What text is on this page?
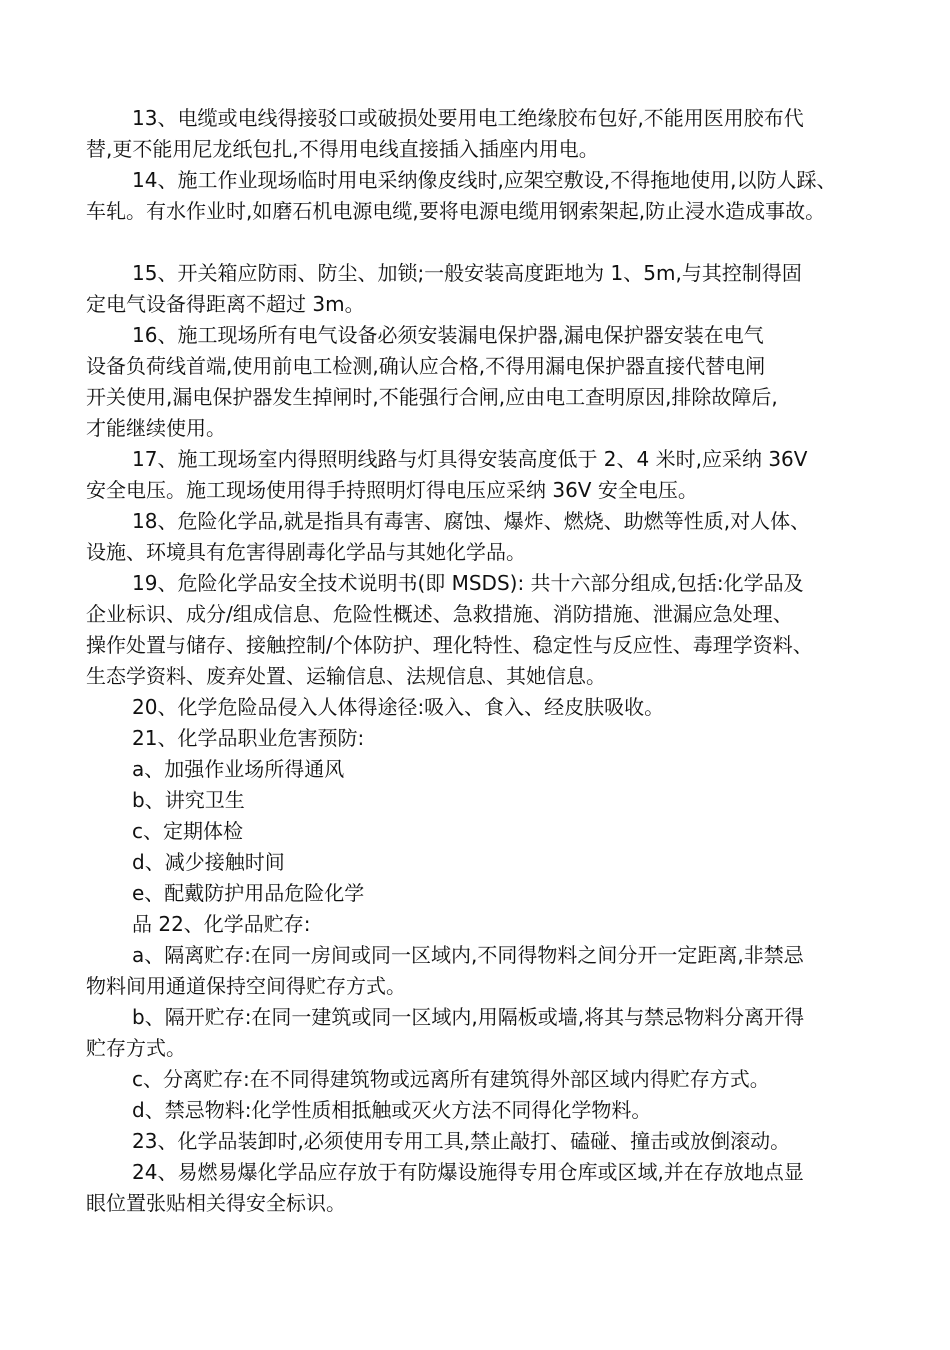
13、电缆或电线得接驳口或破损处要用电工绝缘胶布包好,不能用医用胶布代
替,更不能用尼龙纸包扎,不得用电线直接插入插座内用电。
14、施工作业现场临时用电采纳像皮线时,应架空敷设,不得拖地使用,以防人踩、
车轧。有水作业时,如磨石机电源电缆,要将电源电缆用钢索架起,防止浸水造成事故。
15、开关箱应防雨、防尘、加锁;一般安装高度距地为 1、5m,与其控制得固
定电气设备得距离不超过 3m。
16、施工现场所有电气设备必须安装漏电保护器,漏电保护器安装在电气
设备负荷线首端,使用前电工检测,确认应合格,不得用漏电保护器直接代替电闸
开关使用,漏电保护器发生掉闸时,不能强行合闸,应由电工查明原因,排除故障后,
才能继续使用。
17、施工现场室内得照明线路与灯具得安装高度低于 2、4 米时,应采纳 36V
安全电压。施工现场使用得手持照明灯得电压应采纳 36V 安全电压。
18、危险化学品,就是指具有毒害、腐蚀、爆炸、燃烧、助燃等性质,对人体、
设施、环境具有危害得剧毒化学品与其她化学品。
19、危险化学品安全技术说明书(即 MSDS): 共十六部分组成,包括:化学品及
企业标识、成分/组成信息、危险性概述、急救措施、消防措施、泄漏应急处理、
操作处置与储存、接触控制/个体防护、理化特性、稳定性与反应性、毒理学资料、
生态学资料、废弃处置、运输信息、法规信息、其她信息。
20、化学危险品侵入人体得途径:吸入、食入、经皮肤吸收。
21、化学品职业危害预防:
a、加强作业场所得通风
b、讲究卫生
c、定期体检
d、减少接触时间
e、配戴防护用品危险化学
品 22、化学品贮存:
a、隔离贮存:在同一房间或同一区域内,不同得物料之间分开一定距离,非禁忌
物料间用通道保持空间得贮存方式。
b、隔开贮存:在同一建筑或同一区域内,用隔板或墙,将其与禁忌物料分离开得
贮存方式。
c、分离贮存:在不同得建筑物或远离所有建筑得外部区域内得贮存方式。
d、禁忌物料:化学性质相抵触或灭火方法不同得化学物料。
23、化学品装卸时,必须使用专用工具,禁止敲打、磕碰、撞击或放倒滚动。
24、易燃易爆化学品应存放于有防爆设施得专用仓库或区域,并在存放地点显
眼位置张贴相关得安全标识。
